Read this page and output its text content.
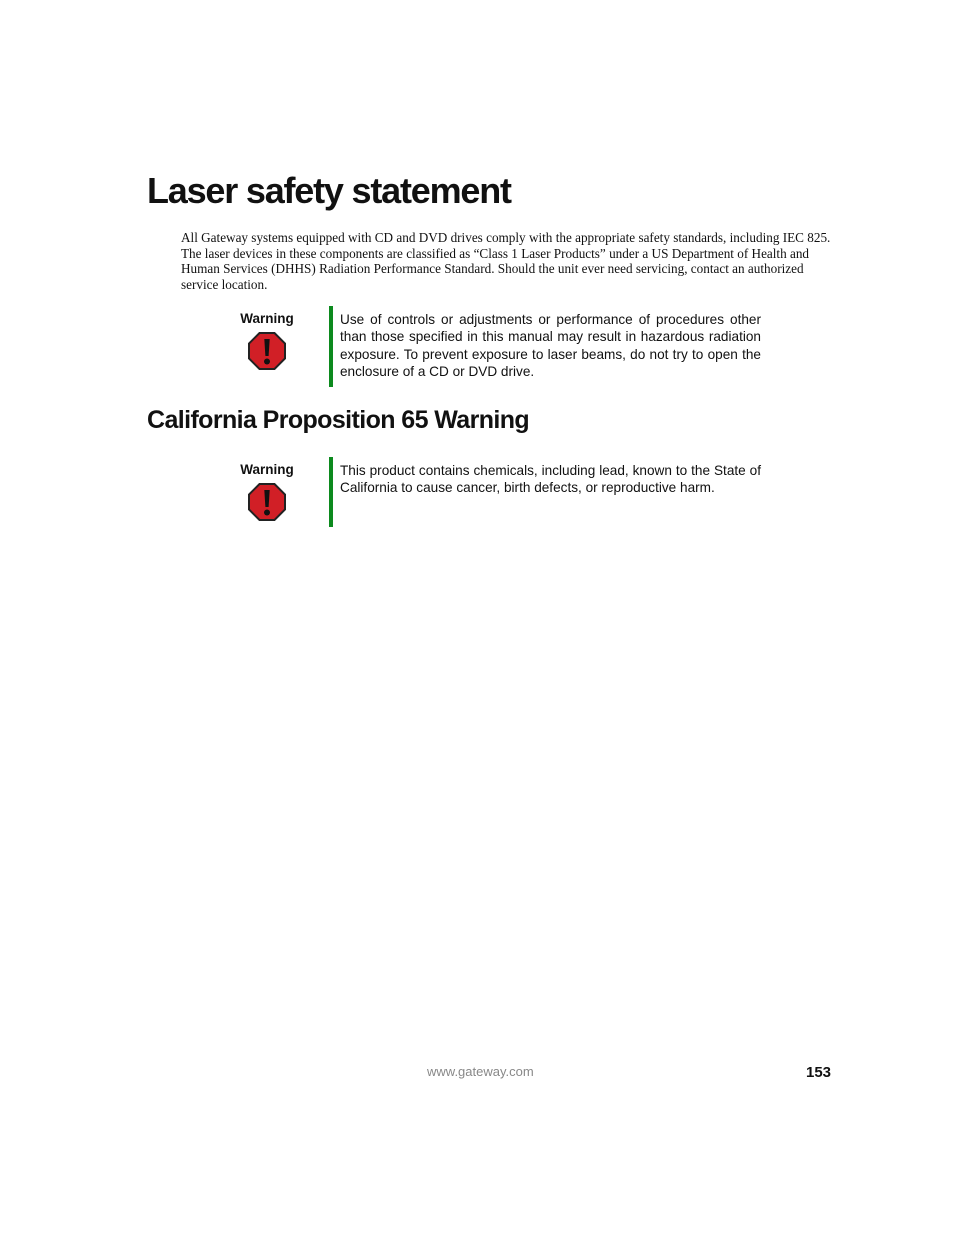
Laser safety statement

All Gateway systems equipped with CD and DVD drives comply with the appropriate safety standards, including IEC 825. The laser devices in these components are classified as “Class 1 Laser Products” under a US Department of Health and Human Services (DHHS) Radiation Performance Standard. Should the unit ever need servicing, contact an authorized service location.

Warning	Use of controls or adjustments or performance of procedures other than those specified in this manual may result in hazardous radiation exposure. To prevent exposure to laser beams, do not try to open the enclosure of a CD or DVD drive.

California Proposition 65 Warning
Warning	This product contains chemicals, including lead, known to the State of California to cause cancer, birth defects, or reproductive harm.

www.gateway.com	153
